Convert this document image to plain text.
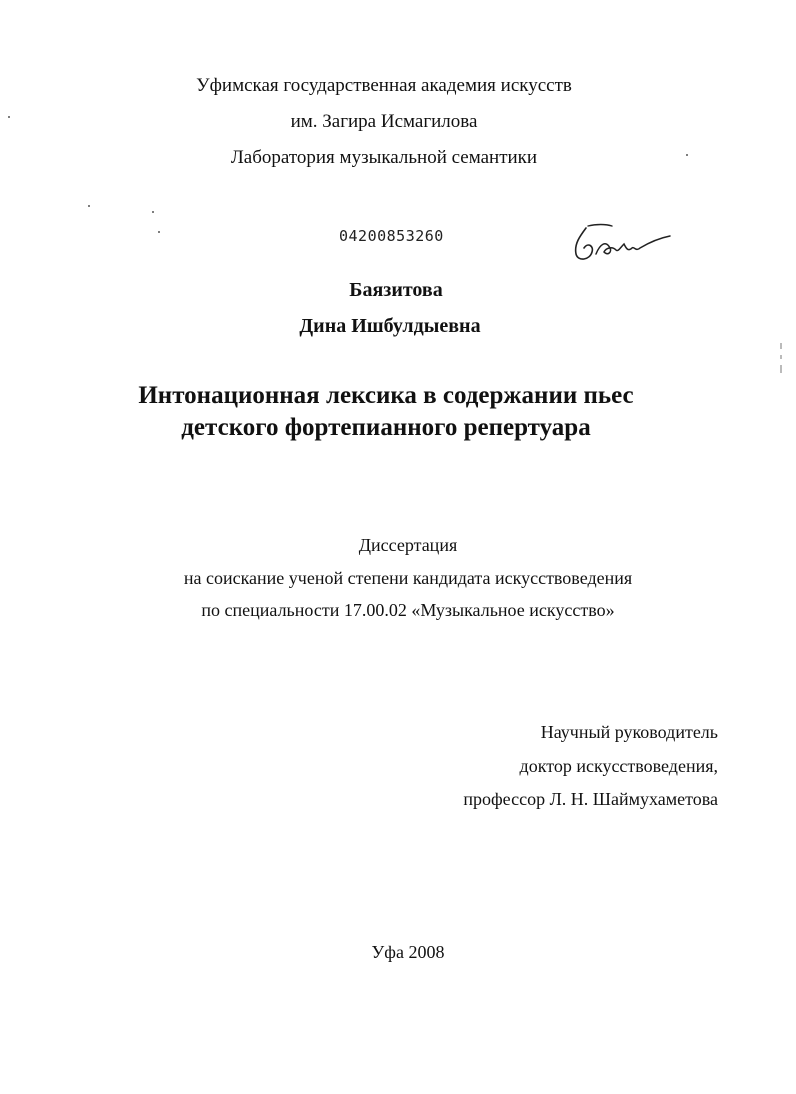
Уфимская государственная академия искусств
им. Загира Исмагилова
Лаборатория музыкальной семантики
04200853260
Баязитова
Дина Ишбулдыевна
Интонационная лексика в содержании пьес
детского фортепианного репертуара
Диссертация
на соискание ученой степени кандидата искусствоведения
по специальности 17.00.02 «Музыкальное искусство»
Научный руководитель
доктор искусствоведения,
профессор Л. Н. Шаймухаметова
Уфа 2008
